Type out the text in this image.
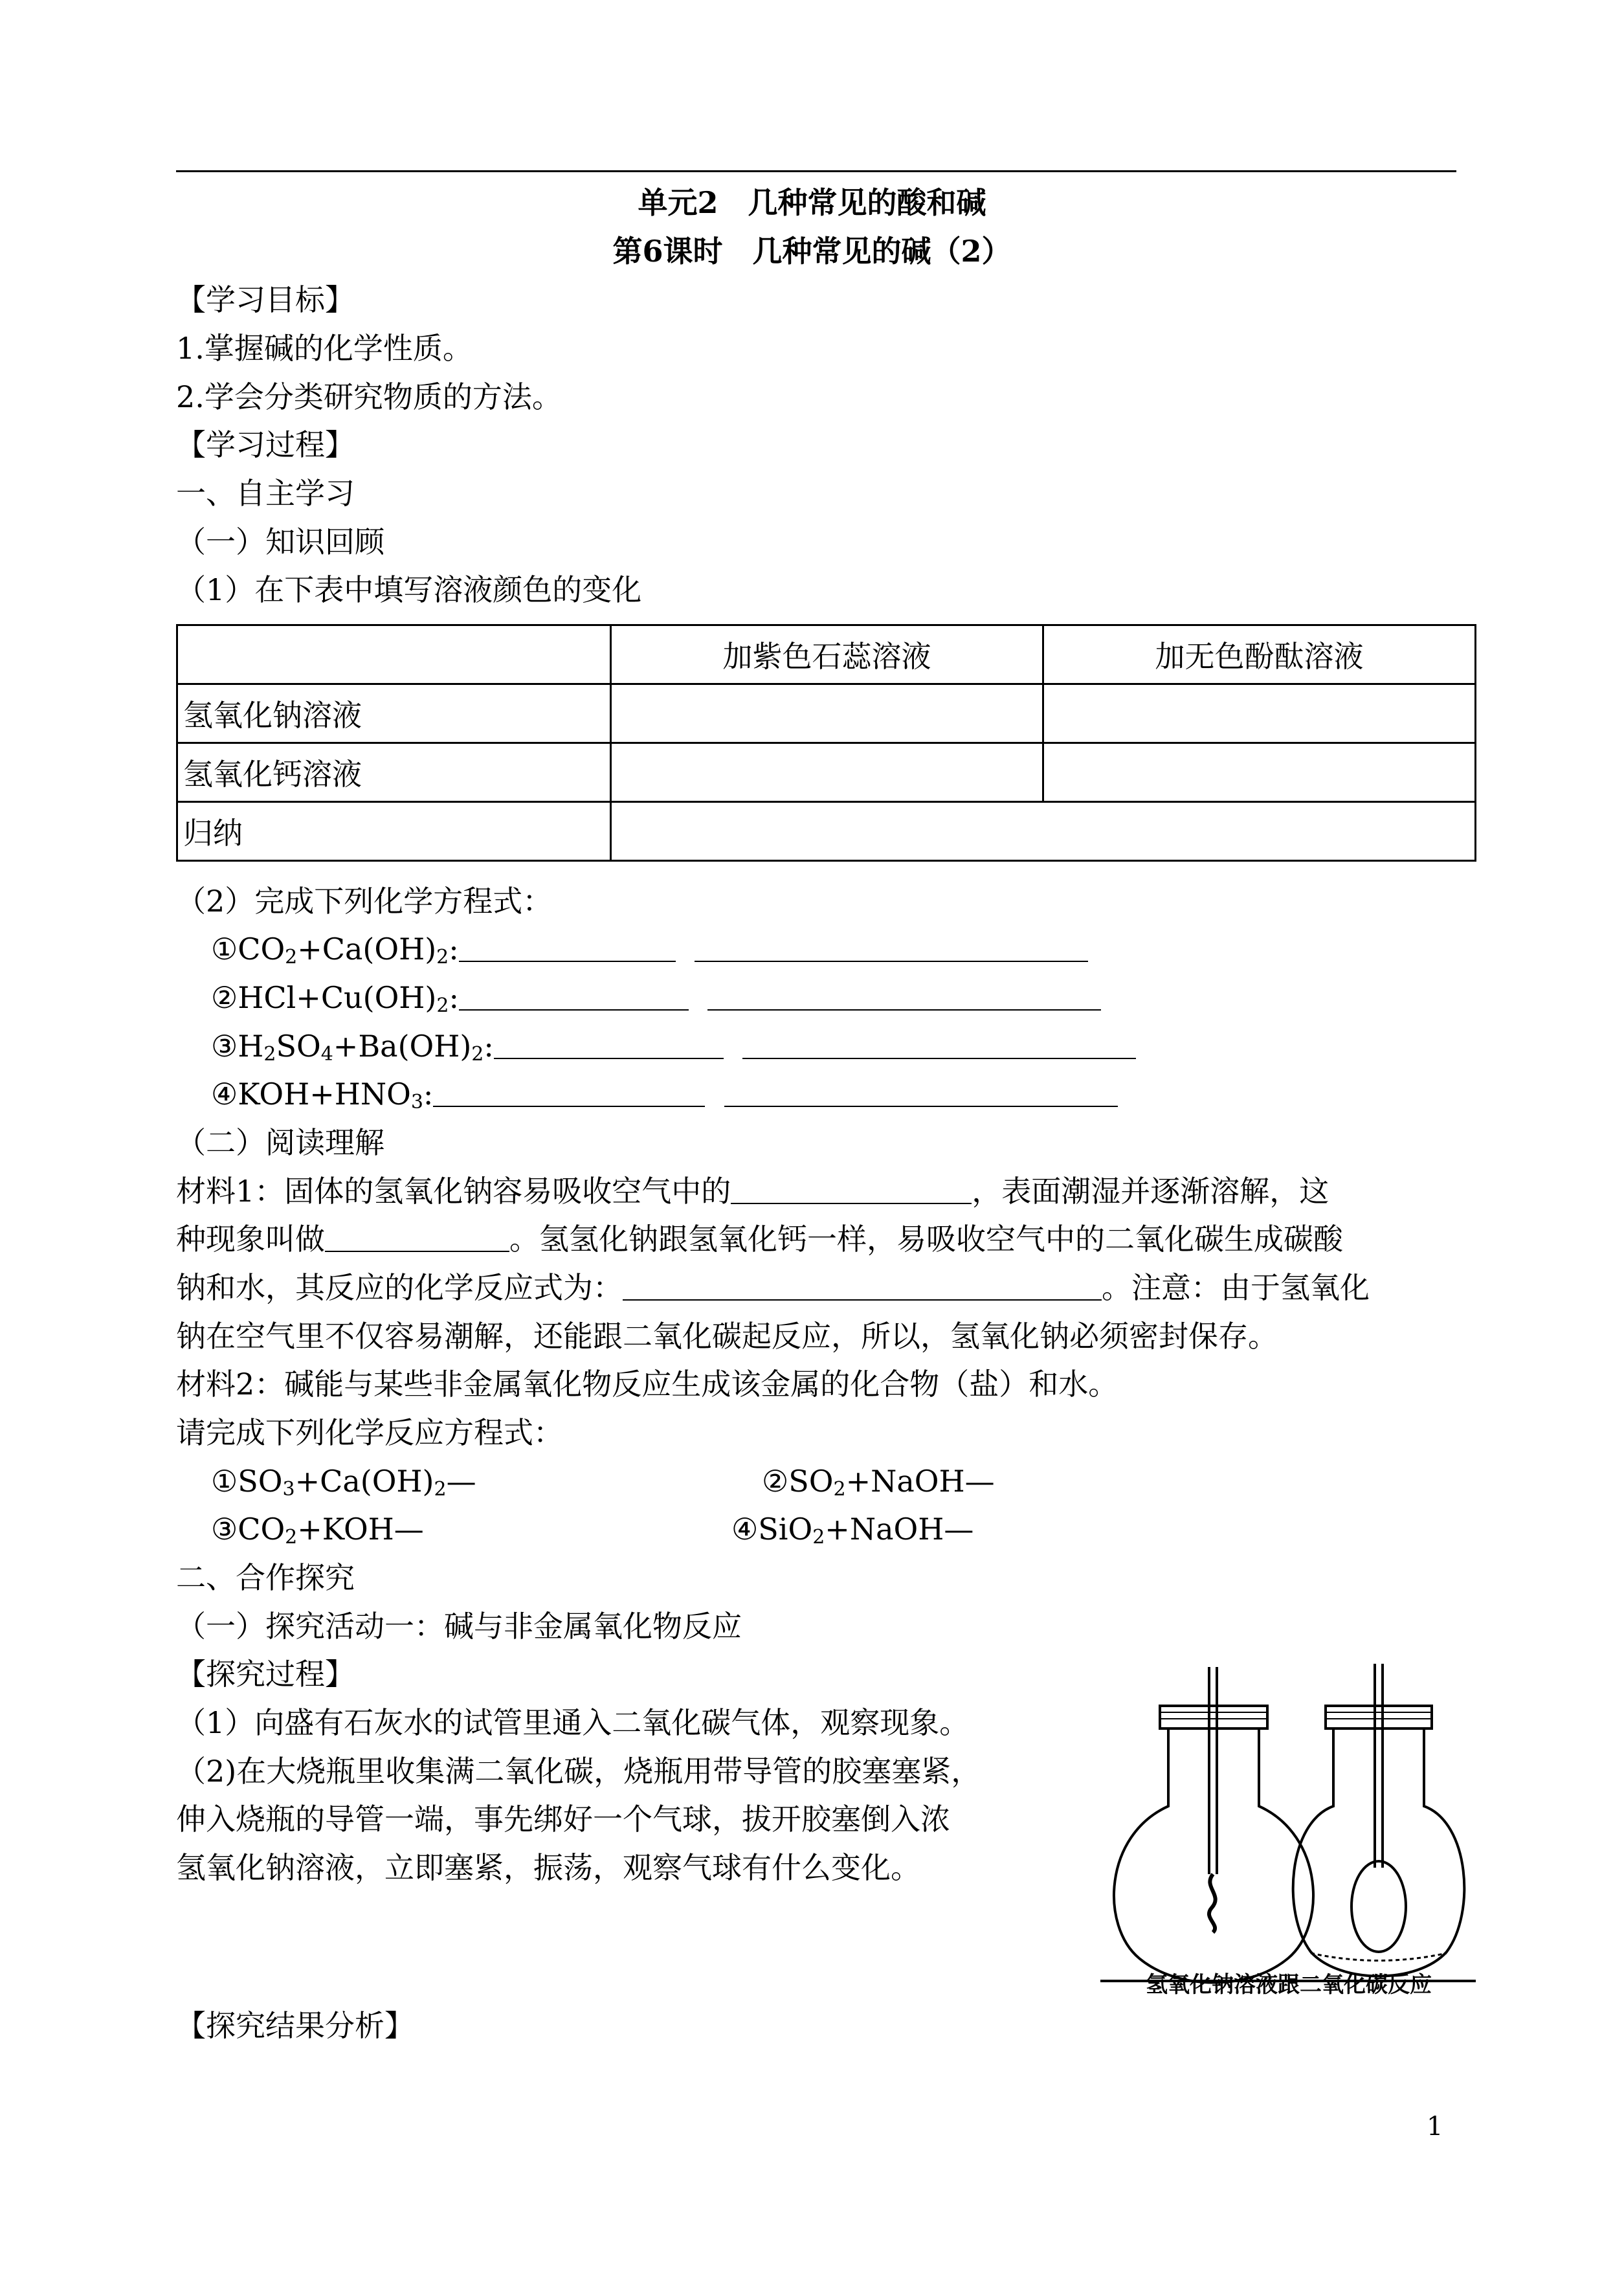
单元2　几种常见的酸和碱
第6课时　几种常见的碱（2）
【学习目标】
1.掌握碱的化学性质。
2.学会分类研究物质的方法。
【学习过程】
一、自主学习
（一）知识回顾
（1）在下表中填写溶液颜色的变化
	加紫色石蕊溶液	加无色酚酞溶液
氢氧化钠溶液		
氢氧化钙溶液		
归纳		
（2）完成下列化学方程式：
$①CO_2+Ca(OH)_2$:
$②HCl+Cu(OH)_2$:
$③H_2SO_4+Ba(OH)_2$:
$④KOH+HNO_3$:
（二）阅读理解
材料1：固体的氢氧化钠容易吸收空气中的	，表面潮湿并逐渐溶解，这
种现象叫做	。氢氢化钠跟氢氧化钙一样，易吸收空气中的二氧化碳生成碳酸
钠和水，其反应的化学反应式为：	。注意：由于氢氧化
钠在空气里不仅容易潮解，还能跟二氧化碳起反应，所以，氢氧化钠必须密封保存。
材料2：碱能与某些非金属氧化物反应生成该金属的化合物（盐）和水。
请完成下列化学反应方程式：
$①SO_3+Ca(OH)_2—$	$②SO_2+NaOH—$
$③CO_2+KOH—$	④SiO$_2$+NaOH—
二、合作探究
（一）探究活动一：碱与非金属氧化物反应
【探究过程】
（1）向盛有石灰水的试管里通入二氧化碳气体，观察现象。
（2)在大烧瓶里收集满二氧化碳，烧瓶用带导管的胶塞塞紧，
伸入烧瓶的导管一端，事先绑好一个气球，拔开胶塞倒入浓
氢氧化钠溶液，立即塞紧，振荡，观察气球有什么变化。
氢氧化钠溶液跟二氧化碳反应
【探究结果分析】
1
